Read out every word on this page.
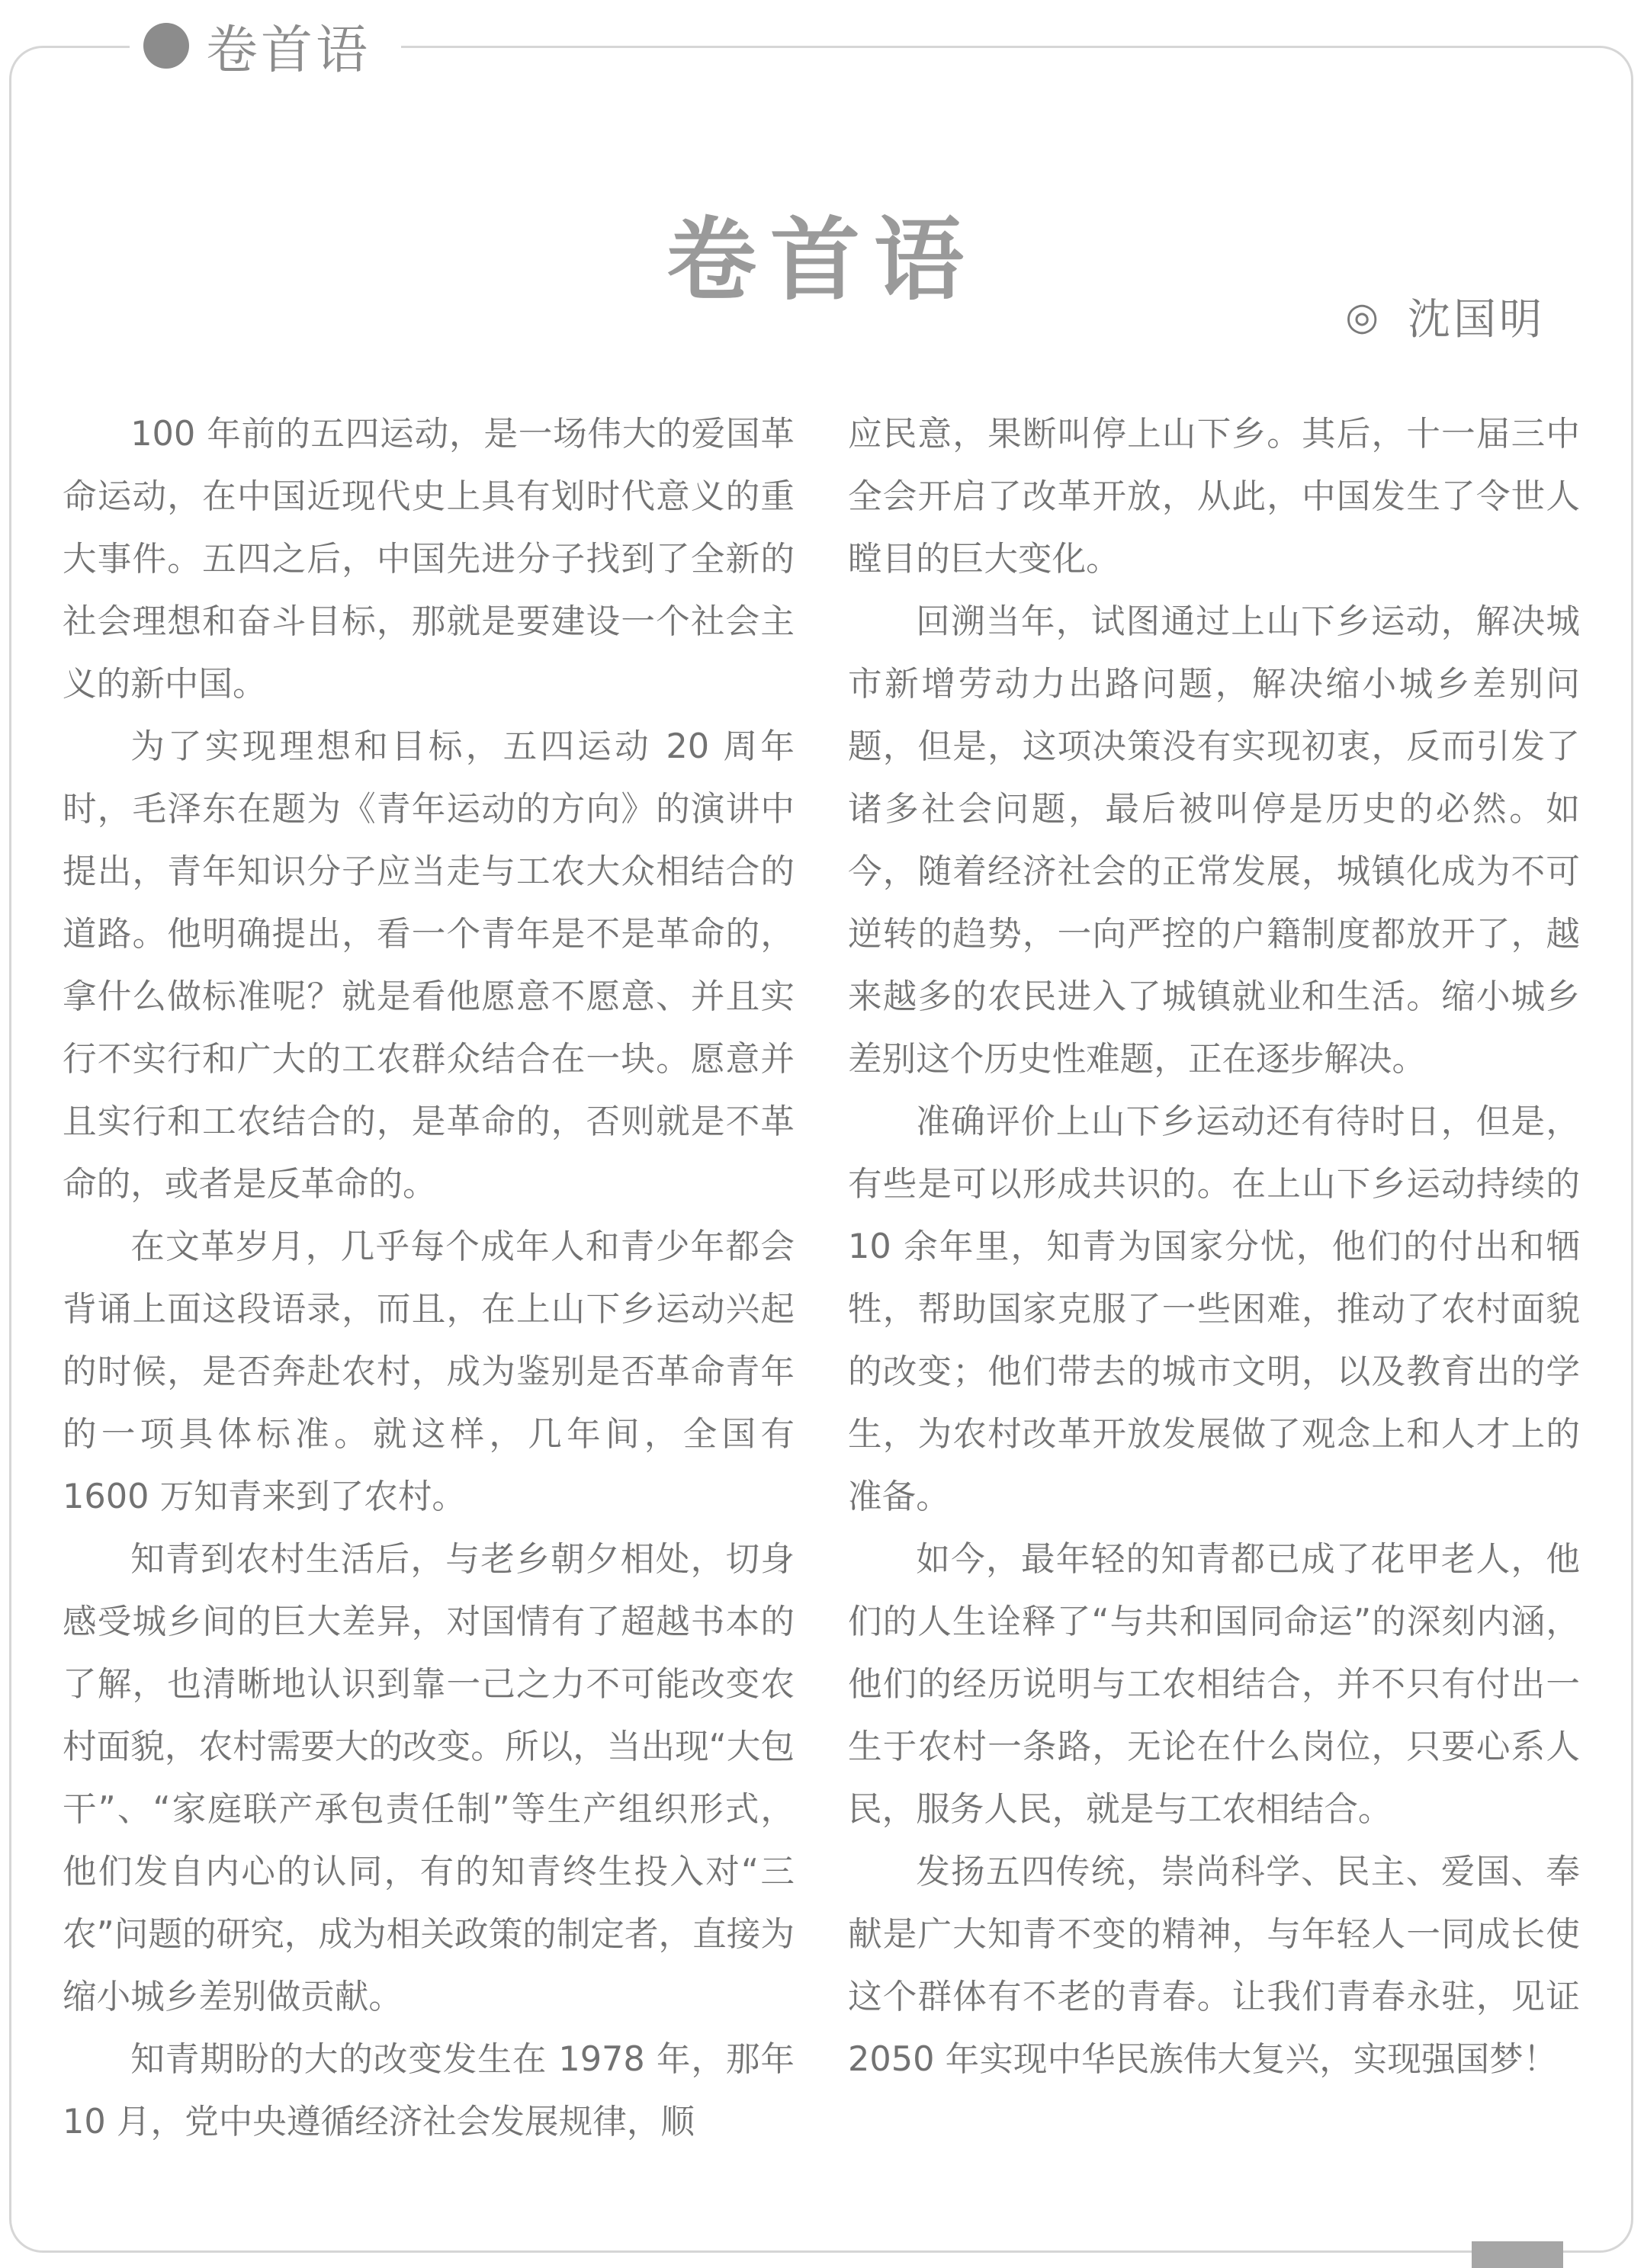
卷首语
卷首语
◎ 沈国明

100 年前的五四运动，是一场伟大的爱国革命运动，在中国近现代史上具有划时代意义的重大事件。五四之后，中国先进分子找到了全新的社会理想和奋斗目标，那就是要建设一个社会主义的新中国。

为了实现理想和目标，五四运动 20 周年时，毛泽东在题为《青年运动的方向》的演讲中提出，青年知识分子应当走与工农大众相结合的道路。他明确提出，看一个青年是不是革命的，拿什么做标准呢？就是看他愿意不愿意、并且实行不实行和广大的工农群众结合在一块。愿意并且实行和工农结合的，是革命的，否则就是不革命的，或者是反革命的。

在文革岁月，几乎每个成年人和青少年都会背诵上面这段语录，而且，在上山下乡运动兴起的时候，是否奔赴农村，成为鉴别是否革命青年的一项具体标准。就这样，几年间，全国有 1600 万知青来到了农村。

知青到农村生活后，与老乡朝夕相处，切身感受城乡间的巨大差异，对国情有了超越书本的了解，也清晰地认识到靠一己之力不可能改变农村面貌，农村需要大的改变。所以，当出现“大包干”、“家庭联产承包责任制”等生产组织形式，他们发自内心的认同，有的知青终生投入对“三农”问题的研究，成为相关政策的制定者，直接为缩小城乡差别做贡献。

知青期盼的大的改变发生在 1978 年，那年 10 月，党中央遵循经济社会发展规律，顺

应民意，果断叫停上山下乡。其后，十一届三中全会开启了改革开放，从此，中国发生了令世人瞠目的巨大变化。

回溯当年，试图通过上山下乡运动，解决城市新增劳动力出路问题，解决缩小城乡差别问题，但是，这项决策没有实现初衷，反而引发了诸多社会问题，最后被叫停是历史的必然。如今，随着经济社会的正常发展，城镇化成为不可逆转的趋势，一向严控的户籍制度都放开了，越来越多的农民进入了城镇就业和生活。缩小城乡差别这个历史性难题，正在逐步解决。

准确评价上山下乡运动还有待时日，但是，有些是可以形成共识的。在上山下乡运动持续的 10 余年里，知青为国家分忧，他们的付出和牺牲，帮助国家克服了一些困难，推动了农村面貌的改变；他们带去的城市文明，以及教育出的学生，为农村改革开放发展做了观念上和人才上的准备。

如今，最年轻的知青都已成了花甲老人，他们的人生诠释了“与共和国同命运”的深刻内涵，他们的经历说明与工农相结合，并不只有付出一生于农村一条路，无论在什么岗位，只要心系人民，服务人民，就是与工农相结合。

发扬五四传统，崇尚科学、民主、爱国、奉献是广大知青不变的精神，与年轻人一同成长使这个群体有不老的青春。让我们青春永驻，见证 2050 年实现中华民族伟大复兴，实现强国梦！
